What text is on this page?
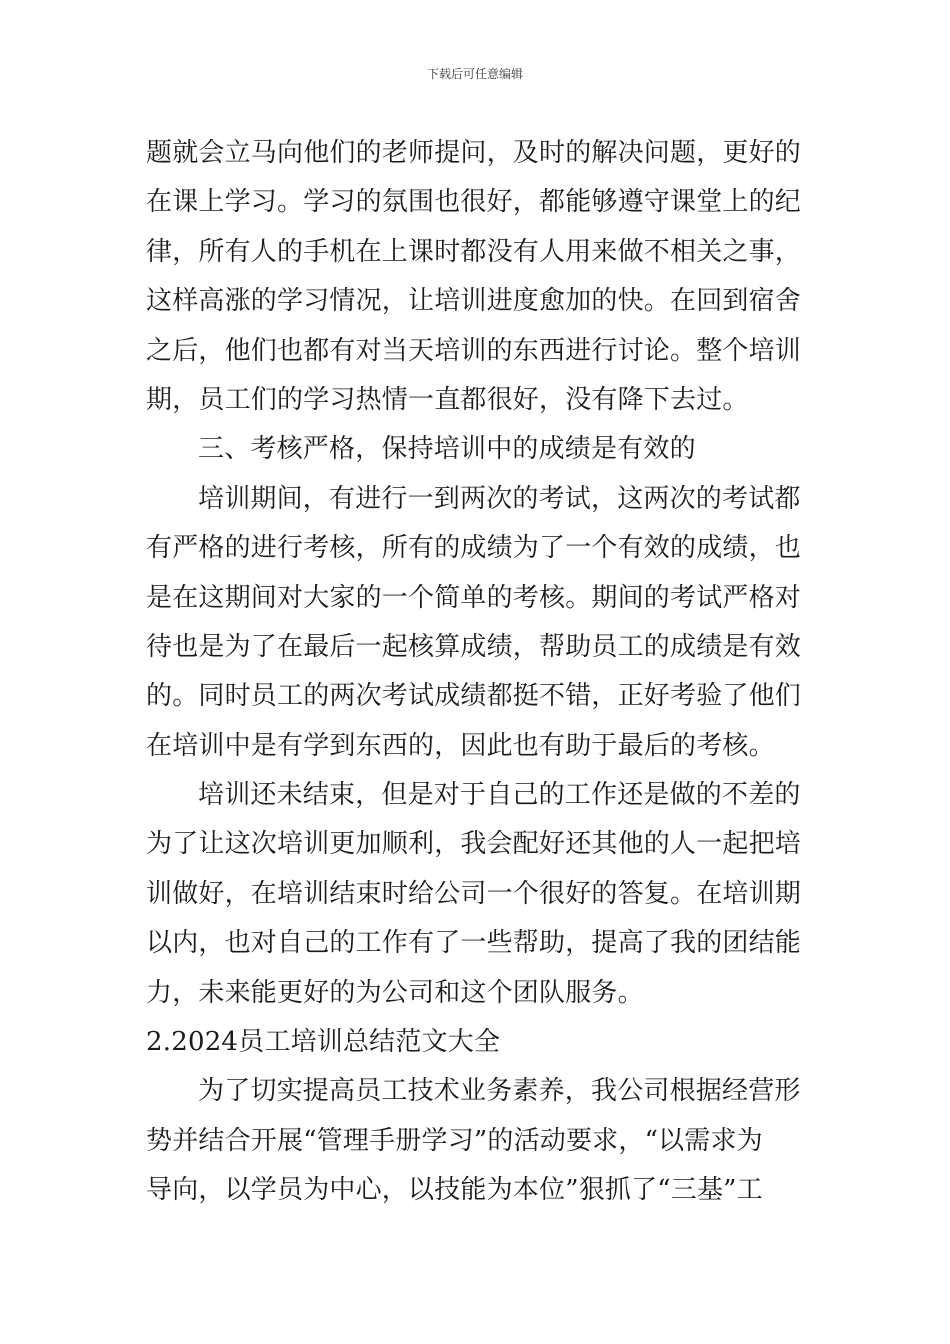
下载后可任意编辑
题就会立马向他们的老师提问，及时的解决问题，更好的
在课上学习。学习的氛围也很好，都能够遵守课堂上的纪
律，所有人的手机在上课时都没有人用来做不相关之事，
这样高涨的学习情况，让培训进度愈加的快。在回到宿舍
之后，他们也都有对当天培训的东西进行讨论。整个培训
期，员工们的学习热情一直都很好，没有降下去过。
三、考核严格，保持培训中的成绩是有效的
培训期间，有进行一到两次的考试，这两次的考试都
有严格的进行考核，所有的成绩为了一个有效的成绩，也
是在这期间对大家的一个简单的考核。期间的考试严格对
待也是为了在最后一起核算成绩，帮助员工的成绩是有效
的。同时员工的两次考试成绩都挺不错，正好考验了他们
在培训中是有学到东西的，因此也有助于最后的考核。
培训还未结束，但是对于自己的工作还是做的不差的
为了让这次培训更加顺利，我会配好还其他的人一起把培
训做好，在培训结束时给公司一个很好的答复。在培训期
以内，也对自己的工作有了一些帮助，提高了我的团结能
力，未来能更好的为公司和这个团队服务。
2.2024员工培训总结范文大全
为了切实提高员工技术业务素养，我公司根据经营形
势并结合开展“管理手册学习”的活动要求，“以需求为
导向，以学员为中心，以技能为本位”狠抓了“三基”工
